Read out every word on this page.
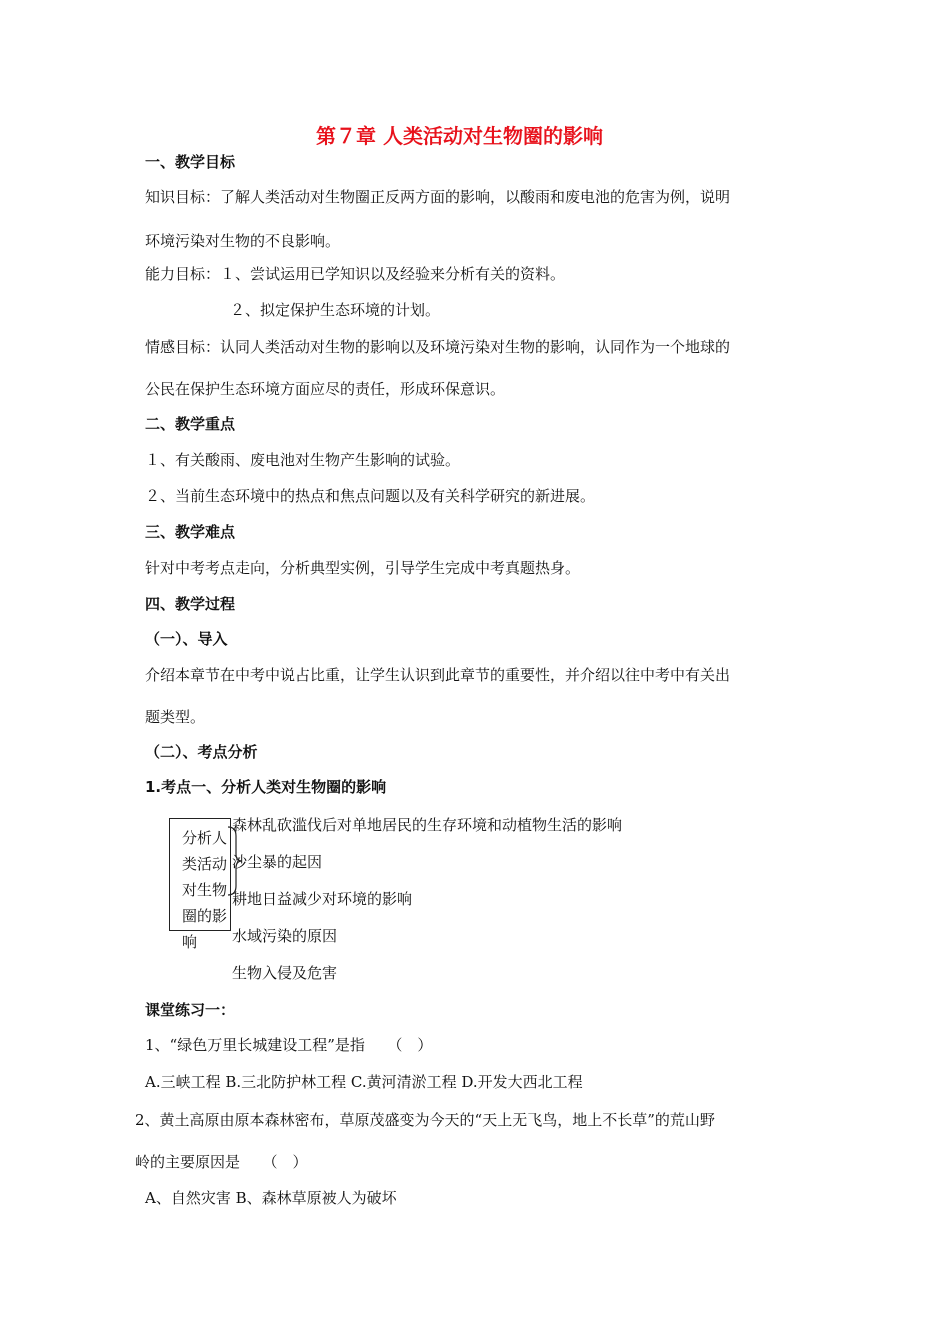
第７章 人类活动对生物圈的影响
一、教学目标
知识目标：了解人类活动对生物圈正反两方面的影响，以酸雨和废电池的危害为例，说明
环境污染对生物的不良影响。
能力目标：１、尝试运用已学知识以及经验来分析有关的资料。
２、拟定保护生态环境的计划。
情感目标：认同人类活动对生物的影响以及环境污染对生物的影响，认同作为一个地球的
公民在保护生态环境方面应尽的责任，形成环保意识。
二、教学重点
１、有关酸雨、废电池对生物产生影响的试验。
２、当前生态环境中的热点和焦点问题以及有关科学研究的新进展。
三、教学难点
针对中考考点走向，分析典型实例，引导学生完成中考真题热身。
四、教学过程
（一）、导入
介绍本章节在中考中说占比重，让学生认识到此章节的重要性，并介绍以往中考中有关出
题类型。
（二）、考点分析
1.考点一、分析人类对生物圈的影响
森林乱砍滥伐后对单地居民的生存环境和动植物生活的影响
沙尘暴的起因
耕地日益减少对环境的影响
水域污染的原因
生物入侵及危害
分析人类活动对生物圈的影响
课堂练习一：
1、“绿色万里长城建设工程”是指　　（　）
A.三峡工程 B.三北防护林工程 C.黄河清淤工程 D.开发大西北工程
2、黄土高原由原本森林密布，草原茂盛变为今天的“天上无飞鸟，地上不长草”的荒山野
岭的主要原因是　　（　）
A、自然灾害 B、森林草原被人为破坏
